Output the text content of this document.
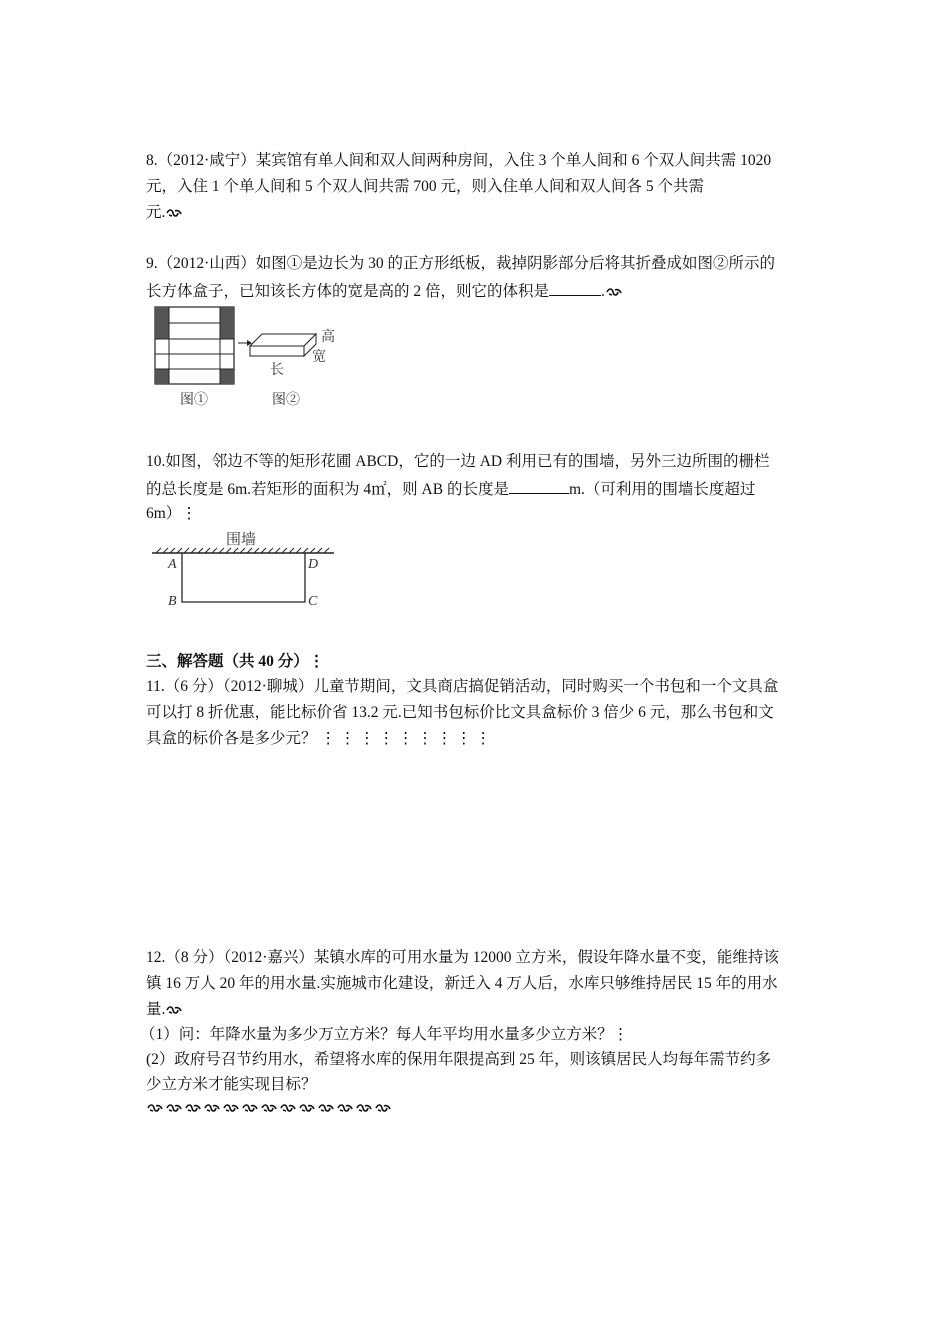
8.（2012·咸宁）某宾馆有单人间和双人间两种房间，入住 3 个单人间和 6 个双人间共需 1020
元，入住 1 个单人间和 5 个双人间共需 700 元，则入住单人间和双人间各 5 个共需
元.
9.（2012·山西）如图①是边长为 30 的正方形纸板，裁掉阴影部分后将其折叠成如图②所示的
长方体盒子，已知该长方体的宽是高的 2 倍，则它的体积是	.
图①
高
宽
长
图②
10.如图，邻边不等的矩形花圃 ABCD，它的一边 AD 利用已有的围墙，另外三边所围的栅栏
的总长度是 6m.若矩形的面积为 4㎡，则 AB 的长度是	m.（可利用的围墙长度超过
6m）⋮
围墙
A
B	C
D
三、解答题（共 40 分）⋮
11.（6 分）（2012·聊城）儿童节期间，文具商店搞促销活动，同时购买一个书包和一个文具盒
可以打 8 折优惠，能比标价省 13.2 元.已知书包标价比文具盒标价 3 倍少 6 元，那么书包和文
具盒的标价各是多少元？ ⋮ ⋮ ⋮ ⋮ ⋮ ⋮ ⋮ ⋮ ⋮
12.（8 分）（2012·嘉兴）某镇水库的可用水量为 12000 立方米，假设年降水量不变，能维持该
镇 16 万人 20 年的用水量.实施城市化建设，新迁入 4 万人后，水库只够维持居民 15 年的用水
量.
（1）问：年降水量为多少万立方米？每人年平均用水量多少立方米？⋮
(2）政府号召节约用水，希望将水库的保用年限提高到 25 年，则该镇居民人均每年需节约多
少立方米才能实现目标？
